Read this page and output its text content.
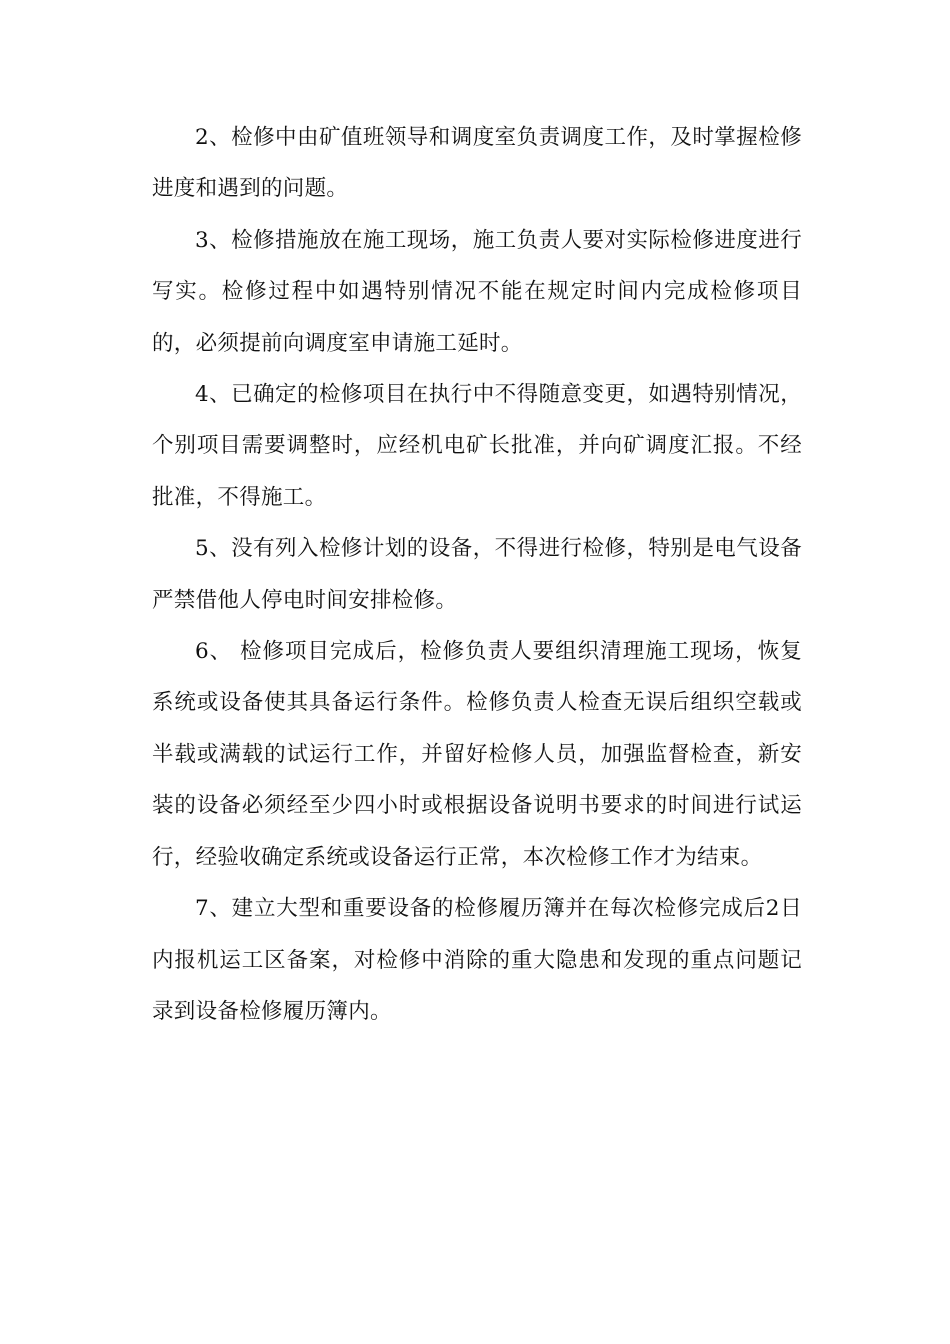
2、检修中由矿值班领导和调度室负责调度工作，及时掌握检修进度和遇到的问题。

3、检修措施放在施工现场，施工负责人要对实际检修进度进行写实。检修过程中如遇特别情况不能在规定时间内完成检修项目的，必须提前向调度室申请施工延时。

4、已确定的检修项目在执行中不得随意变更，如遇特别情况，个别项目需要调整时，应经机电矿长批准，并向矿调度汇报。不经批准，不得施工。

5、没有列入检修计划的设备，不得进行检修，特别是电气设备严禁借他人停电时间安排检修。

6、 检修项目完成后，检修负责人要组织清理施工现场，恢复系统或设备使其具备运行条件。检修负责人检查无误后组织空载或半载或满载的试运行工作，并留好检修人员，加强监督检查，新安装的设备必须经至少四小时或根据设备说明书要求的时间进行试运行，经验收确定系统或设备运行正常，本次检修工作才为结束。

7、建立大型和重要设备的检修履历簿并在每次检修完成后2日内报机运工区备案，对检修中消除的重大隐患和发现的重点问题记录到设备检修履历簿内。
